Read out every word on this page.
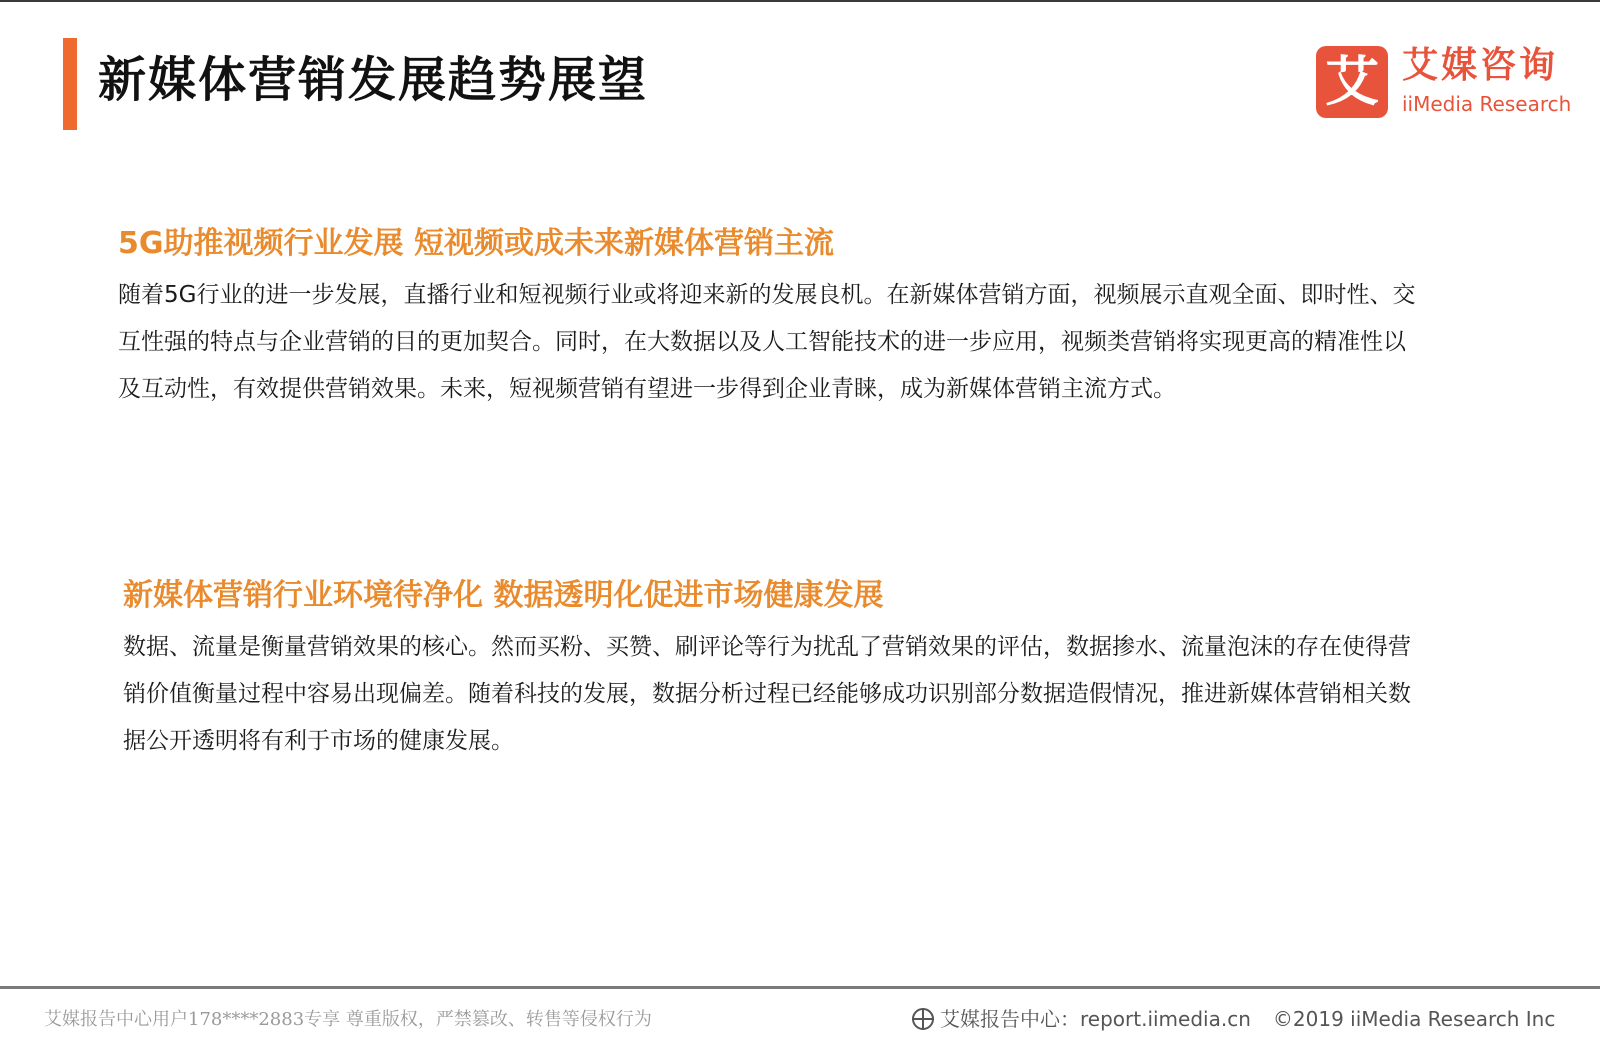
新媒体营销发展趋势展望	艾 艾媒咨询
iiMedia Research
5G助推视频行业发展 短视频或成未来新媒体营销主流

随着5G行业的进一步发展，直播行业和短视频行业或将迎来新的发展良机。在新媒体营销方面，视频展示直观全面、即时性、交互性强的特点与企业营销的目的更加契合。同时，在大数据以及人工智能技术的进一步应用，视频类营销将实现更高的精准性以及互动性，有效提供营销效果。未来，短视频营销有望进一步得到企业青睐，成为新媒体营销主流方式。

新媒体营销行业环境待净化 数据透明化促进市场健康发展

数据、流量是衡量营销效果的核心。然而买粉、买赞、刷评论等行为扰乱了营销效果的评估，数据掺水、流量泡沫的存在使得营销价值衡量过程中容易出现偏差。随着科技的发展，数据分析过程已经能够成功识别部分数据造假情况，推进新媒体营销相关数据公开透明将有利于市场的健康发展。

艾媒报告中心用户178****2883专享 尊重版权，严禁篡改、转售等侵权行为	艾媒报告中心：report.iimedia.cn ©2019 iiMedia Research Inc
